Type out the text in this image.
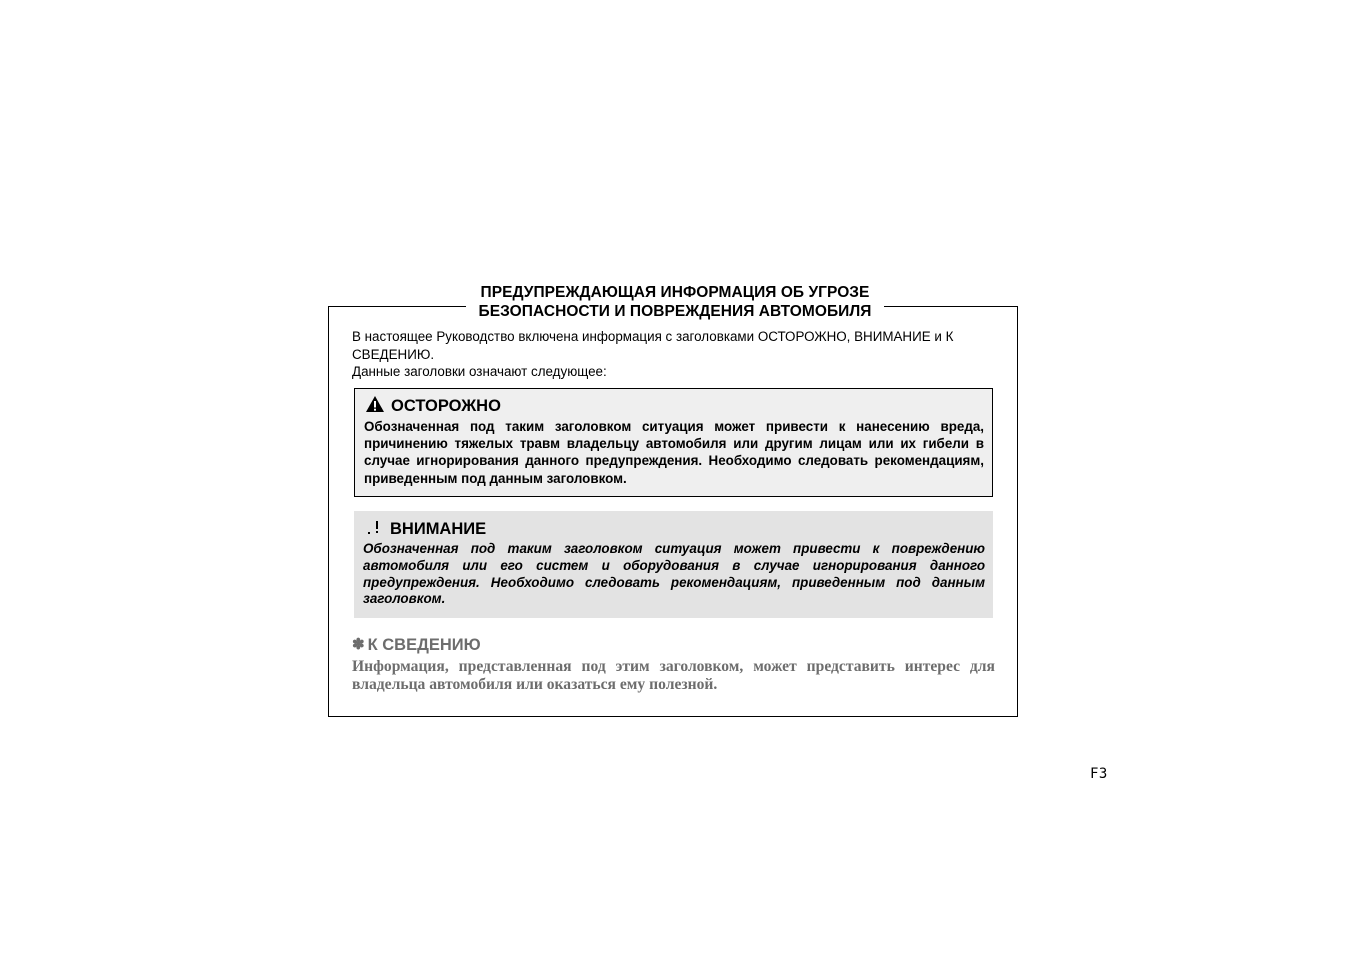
ПРЕДУПРЕЖДАЮЩАЯ ИНФОРМАЦИЯ ОБ УГРОЗЕ
БЕЗОПАСНОСТИ И ПОВРЕЖДЕНИЯ АВТОМОБИЛЯ

В настоящее Руководство включена информация с заголовками ОСТОРОЖНО, ВНИМАНИЕ и К СВЕДЕНИЮ.

Данные заголовки означают следующее:

ОСТОРОЖНО

Обозначенная под таким заголовком ситуация может привести к нанесению вреда, причинению тяжелых травм владельцу автомобиля или другим лицам или их гибели в случае игнорирования данного предупреждения. Необходимо следовать рекомендациям, приведенным под данным заголовком.

ВНИМАНИЕ

Обозначенная под таким заголовком ситуация может привести к повреждению автомобиля или его систем и оборудования в случае игнорирования данного предупреждения. Необходимо следовать рекомендациям, приведенным под данным заголовком.

✽ К СВЕДЕНИЮ

Информация, представленная под этим заголовком, может представить интерес для владельца автомобиля или оказаться ему полезной.

F3
